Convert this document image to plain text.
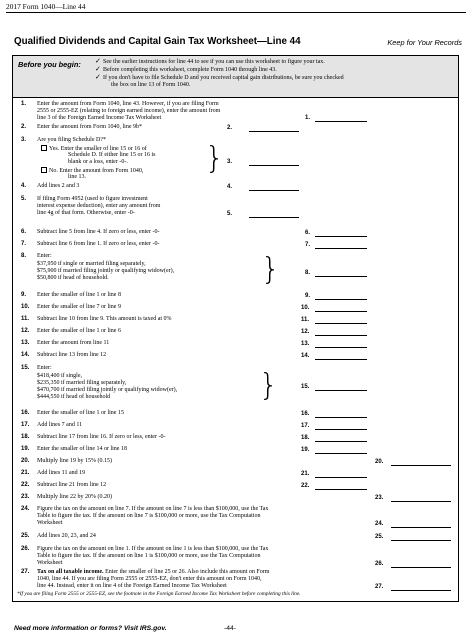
2017 Form 1040—Line 44
Qualified Dividends and Capital Gain Tax Worksheet—Line 44	Keep for Your Records
Before you begin: ✓ See the earlier instructions for line 44 to see if you can use this worksheet to figure your tax.
✓ Before completing this worksheet, complete Form 1040 through line 43.
✓ If you don't have to file Schedule D and you received capital gain distributions, be sure you checked
the box on line 13 of Form 1040.
1. Enter the amount from Form 1040, line 43. However, if you are filing Form
2555 or 2555-EZ (relating to foreign earned income), enter the amount from
line 3 of the Foreign Earned Income Tax Worksheet	1.
2. Enter the amount from Form 1040, line 9b*	2.
3. Are you filing Schedule D?*
Yes. Enter the smaller of line 15 or 16 of
Schedule D. If either line 15 or 16 is
blank or a loss, enter -0-.
No. Enter the amount from Form 1040,
line 13.
} 3.
4. Add lines 2 and 3	4.
5. If filing Form 4952 (used to figure investment
interest expense deduction), enter any amount from
line 4g of that form. Otherwise, enter -0-	5.
6. Subtract line 5 from line 4. If zero or less, enter -0-	6.
7. Subtract line 6 from line 1. If zero or less, enter -0-	7.
8. Enter:
$37,950 if single or married filing separately,
$75,900 if married filing jointly or qualifying widow(er),
$50,800 if head of household.	}	8.
9. Enter the smaller of line 1 or line 8	9.
10. Enter the smaller of line 7 or line 9	10.
11. Subtract line 10 from line 9. This amount is taxed at 0%	11.
12. Enter the smaller of line 1 or line 6	12.
13. Enter the amount from line 11	13.
14. Subtract line 13 from line 12	14.
15. Enter:
$418,400 if single,
$235,350 if married filing separately,
$470,700 if married filing jointly or qualifying widow(er),
$444,550 if head of household	}	15.
16. Enter the smaller of line 1 or line 15	16.
17. Add lines 7 and 11	17.
18. Subtract line 17 from line 16. If zero or less, enter -0-	18.
19. Enter the smaller of line 14 or line 18	19.
20. Multiply line 19 by 15% (0.15)	20.
21. Add lines 11 and 19	21.
22. Subtract line 21 from line 12	22.
23. Multiply line 22 by 20% (0.20)	23.
24. Figure the tax on the amount on line 7. If the amount on line 7 is less than $100,000, use the Tax
Table to figure the tax. If the amount on line 7 is $100,000 or more, use the Tax Computation
Worksheet	24.
25. Add lines 20, 23, and 24	25.
26. Figure the tax on the amount on line 1. If the amount on line 1 is less than $100,000, use the Tax
Table to figure the tax. If the amount on line 1 is $100,000 or more, use the Tax Computation
Worksheet	26.
27. Tax on all taxable income. Enter the smaller of line 25 or 26. Also include this amount on Form
1040, line 44. If you are filing Form 2555 or 2555-EZ, don't enter this amount on Form 1040,
line 44. Instead, enter it on line 4 of the Foreign Earned Income Tax Worksheet	27.
*If you are filing Form 2555 or 2555-EZ, see the footnote in the Foreign Earned Income Tax Worksheet before completing this line.
Need more information or forms? Visit IRS.gov.	-44-
